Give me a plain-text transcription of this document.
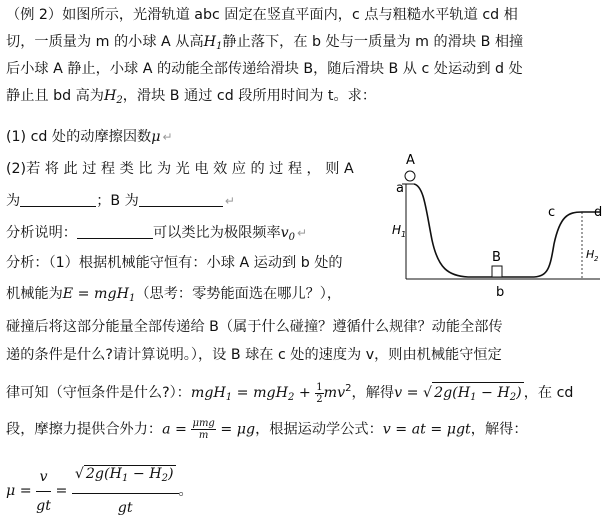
（例 2）如图所示，光滑轨道 abc 固定在竖直平面内，c 点与粗糙水平轨道 cd 相
切，一质量为 m 的小球 A 从高$H_1$静止落下，在 b 处与一质量为 m 的滑块 B 相撞
后小球 A 静止，小球 A 的动能全部传递给滑块 B，随后滑块 B 从 c 处运动到 d 处
静止且 bd 高为$H_2$，滑块 B 通过 cd 段所用时间为 t。求：
(1) cd 处的动摩擦因数μ ↵
(2)若 将 此 过 程 类 比 为 光 电 效 应 的 过 程 ， 则 A
为	；B 为	↵
分析说明：	可以类比为极限频率$v_0$ ↵
分析：（1）根据机械能守恒有：小球 A 运动到 b 处的
机械能为E = mgH$_1$（思考：零势能面选在哪儿？），
碰撞后将这部分能量全部传递给 B（属于什么碰撞？遵循什么规律？动能全部传
递的条件是什么?请计算说明。），设 B 球在 c 处的速度为 v，则由机械能守恒定
律可知（守恒条件是什么?）：$mgH_1 = mgH_2 + \frac{1}{2} mv^2$，解得v = √ $2g(H_1 - H_2)$ ，在 cd
段，摩擦力提供合外力：$a = \frac{\text{μmg}}{m} = \mu g$，根据运动学公式：v = at = μgt，解得：
$\mu = \frac{v}{gt} = \frac{√ 2g(H_1 - H_2)}{gt}$ 。
A
a
H 1
B
b
c	d
H 2
